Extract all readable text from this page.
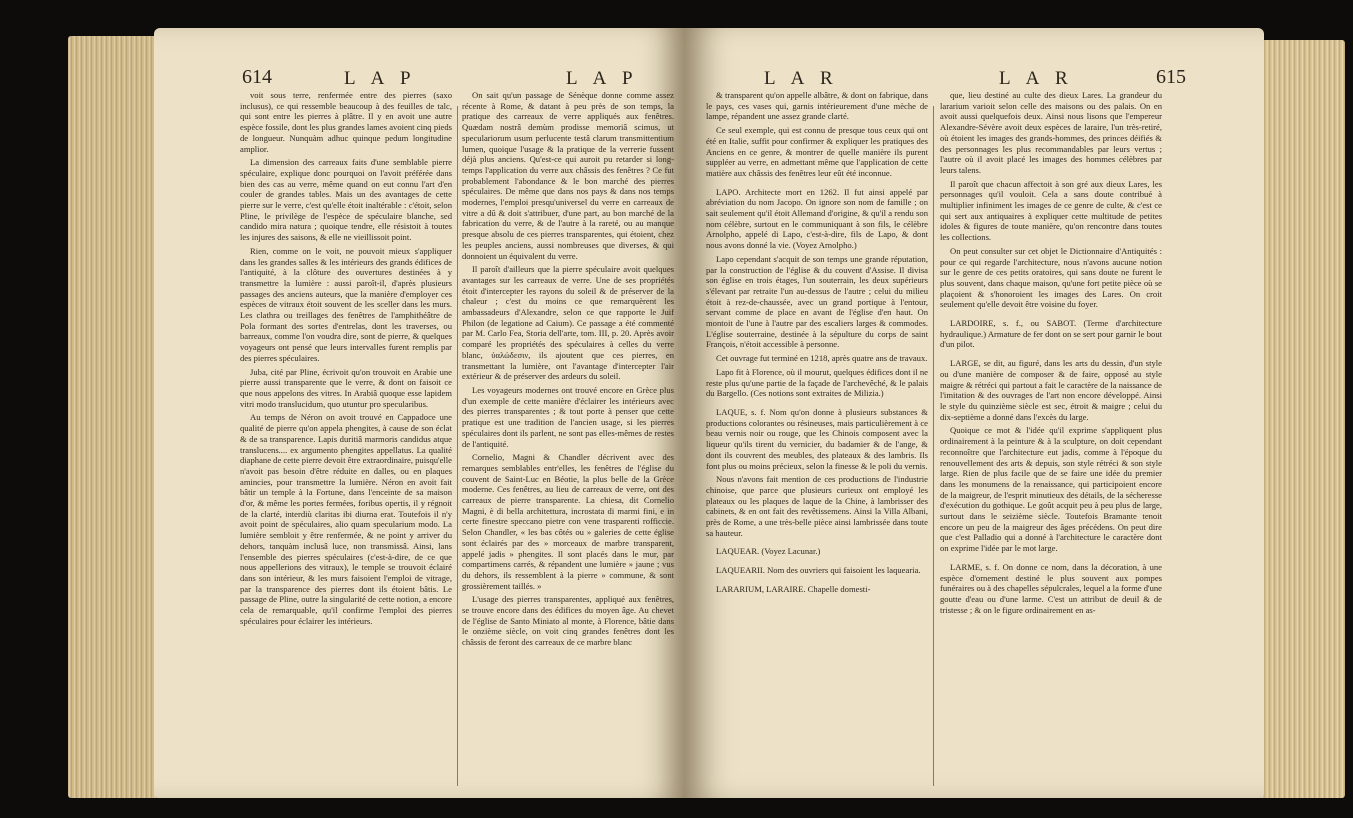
614	L A P	L A P

voit sous terre, renfermée entre des pierres (saxo inclusus), ce qui ressemble beaucoup à des feuilles de talc, qui sont entre les pierres à plâtre. Il y en avoit une autre espèce fossile, dont les plus grandes lames avoient cinq pieds de longueur. Nunquàm adhuc quinque pedum longitudine amplior.

La dimension des carreaux faits d'une semblable pierre spéculaire, explique donc pourquoi on l'avoit préférée dans bien des cas au verre, même quand on eut connu l'art d'en couler de grandes tables. Mais un des avantages de cette pierre sur le verre, c'est qu'elle étoit inaltérable : c'étoit, selon Pline, le privilège de l'espèce de spéculaire blanche, sed candido mira natura ; quoique tendre, elle résistoit à toutes les injures des saisons, & elle ne vieillissoit point.

Rien, comme on le voit, ne pouvoit mieux s'appliquer dans les grandes salles & les intérieurs des grands édifices de l'antiquité, à la clôture des ouvertures destinées à y transmettre la lumière : aussi paroît-il, d'après plusieurs passages des anciens auteurs, que la manière d'employer ces espèces de vitraux étoit souvent de les sceller dans les murs. Les clathra ou treillages des fenêtres de l'amphithéâtre de Pola formant des sortes d'entrelas, dont les traverses, ou barreaux, comme l'on voudra dire, sont de pierre, & quelques voyageurs ont pensé que leurs intervalles furent remplis par des pierres spéculaires.

Juba, cité par Pline, écrivoit qu'on trouvoit en Arabie une pierre aussi transparente que le verre, & dont on faisoit ce que nous appelons des vitres. In Arabiâ quoque esse lapidem vitri modo translucidum, quo utuntur pro specularibus.

Au temps de Néron on avoit trouvé en Cappadoce une qualité de pierre qu'on appela phengites, à cause de son éclat & de sa transparence. Lapis duritiâ marmoris candidus atque translucens.... ex argumento phengites appellatus. La qualité diaphane de cette pierre devoit être extraordinaire, puisqu'elle n'avoit pas besoin d'être réduite en dalles, ou en plaques amincies, pour transmettre la lumière. Néron en avoit fait bâtir un temple à la Fortune, dans l'enceinte de sa maison d'or, & même les portes fermées, foribus opertis, il y régnoit de la clarté, interdiù claritas ibi diurna erat. Toutefois il n'y avoit point de spéculaires, alio quam specularium modo. La lumière sembloit y être renfermée, & ne point y arriver du dehors, tanquàm inclusâ luce, non transmissâ. Ainsi, lans l'ensemble des pierres spéculaires (c'est-à-dire, de ce que nous appellerions des vitraux), le temple se trouvoit éclairé dans son intérieur, & les murs faisoient l'emploi de vitrage, par la transparence des pierres dont ils étoient bâtis. Le passage de Pline, outre la singularité de cette notion, a encore cela de remarquable, qu'il confirme l'emploi des pierres spéculaires pour éclairer les intérieurs.

On sait qu'un passage de Sénèque donne comme assez récente à Rome, & datant à peu près de son temps, la pratique des carreaux de verre appliqués aux fenêtres. Quædam nostrâ demùm prodisse memoriâ scimus, ut speculariorum usum perlucente testâ clarum transmittentium lumen, quoique l'usage & la pratique de la verrerie fussent déjà plus anciens. Qu'est-ce qui auroit pu retarder si long-temps l'application du verre aux châssis des fenêtres ? Ce fut probablement l'abondance & le bon marché des pierres spéculaires. De même que dans nos pays & dans nos temps modernes, l'emploi presqu'universel du verre en carreaux de vitre a dû & doit s'attribuer, d'une part, au bon marché de la fabrication du verre, & de l'autre à la rareté, ou au manque presque absolu de ces pierres transparentes, qui étoient, chez les peuples anciens, aussi nombreuses que diverses, & qui donnoient un équivalent du verre.

Il paroît d'ailleurs que la pierre spéculaire avoit quelques avantages sur les carreaux de verre. Une de ses propriétés étoit d'intercepter les rayons du soleil & de préserver de la chaleur ; c'est du moins ce que remarquèrent les ambassadeurs d'Alexandre, selon ce que rapporte le Juif Philon (de legatione ad Caium). Ce passage a été commenté par M. Carlo Fea, Storia dell'arte, tom. III, p. 20. Après avoir comparé les propriétés des spéculaires à celles du verre blanc, ὑαλώδεσιν, ils ajoutent que ces pierres, en transmettant la lumière, ont l'avantage d'intercepter l'air extérieur & de préserver des ardeurs du soleil.

Les voyageurs modernes ont trouvé encore en Grèce plus d'un exemple de cette manière d'éclairer les intérieurs avec des pierres transparentes ; & tout porte à penser que cette pratique est une tradition de l'ancien usage, si les pierres spéculaires dont ils parlent, ne sont pas elles-mêmes de restes de l'antiquité.

Cornelio, Magni & Chandler décrivent avec des remarques semblables entr'elles, les fenêtres de l'église du couvent de Saint-Luc en Béotie, la plus belle de la Grèce moderne. Ces fenêtres, au lieu de carreaux de verre, ont des carreaux de pierre transparente. La chiesa, dit Cornelio Magni, è di bella architettura, incrostata di marmi fini, e in certe finestre speccano pietre con vene trasparenti rofficcie. Selon Chandler, « les bas côtés ou » galeries de cette église sont éclairés par des » morceaux de marbre transparent, appelé jadis » phengites. Il sont placés dans le mur, par compartimens carrés, & répandent une lumière » jaune ; vus du dehors, ils ressemblent à la pierre » commune, & sont grossièrement taillés. »

L'usage des pierres transparentes, appliqué aux fenêtres, se trouve encore dans des édifices du moyen âge. Au chevet de l'église de Santo Miniato al monte, à Florence, bâtie dans le onzième siècle, on voit cinq grandes fenêtres dont les châssis de feront des carreaux de ce marbre blanc

L A R	L A R	615

& transparent qu'on appelle albâtre, & dont on fabrique, dans le pays, ces vases qui, garnis intérieurement d'une mèche de lampe, répandent une assez grande clarté.

Ce seul exemple, qui est connu de presque tous ceux qui ont été en Italie, suffit pour confirmer & expliquer les pratiques des Anciens en ce genre, & montrer de quelle manière ils purent suppléer au verre, en admettant même que l'application de cette matière aux châssis des fenêtres leur eût été inconnue.

LAPO. Architecte mort en 1262. Il fut ainsi appelé par abréviation du nom Jacopo. On ignore son nom de famille ; on sait seulement qu'il étoit Allemand d'origine, & qu'il a rendu son nom célèbre, surtout en le communiquant à son fils, le célèbre Arnolpho, appelé di Lapo, c'est-à-dire, fils de Lapo, & dont nous avons donné la vie. (Voyez Arnolpho.)

Lapo cependant s'acquit de son temps une grande réputation, par la construction de l'église & du couvent d'Assise. Il divisa son église en trois étages, l'un souterrain, les deux supérieurs s'élevant par retraite l'un au-dessus de l'autre ; celui du milieu étoit à rez-de-chaussée, avec un grand portique à l'entour, servant comme de place en avant de l'église d'en haut. On montoit de l'une à l'autre par des escaliers larges & commodes. L'église souterraine, destinée à la sépulture du corps de saint François, n'étoit accessible à personne.

Cet ouvrage fut terminé en 1218, après quatre ans de travaux.

Lapo fit à Florence, où il mourut, quelques édifices dont il ne reste plus qu'une partie de la façade de l'archevêché, & le palais du Bargello. (Ces notions sont extraites de Milizia.)

LAQUE, s. f. Nom qu'on donne à plusieurs substances & productions colorantes ou résineuses, mais particulièrement à ce beau vernis noir ou rouge, que les Chinois composent avec la liqueur qu'ils tirent du vernicier, du badamier & de l'ange, & dont ils couvrent des meubles, des plateaux & des lambris. Ils font plus ou moins précieux, selon la finesse & le poli du vernis.

Nous n'avons fait mention de ces productions de l'industrie chinoise, que parce que plusieurs curieux ont employé les plateaux ou les plaques de laque de la Chine, à lambrisser des cabinets, & en ont fait des revêtissemens. Ainsi la Villa Albani, près de Rome, a une très-belle pièce ainsi lambrissée dans toute sa hauteur.

LAQUEAR. (Voyez Lacunar.)

LAQUEARII. Nom des ouvriers qui faisoient les laquearia.

LARARIUM, LARAIRE. Chapelle domesti-

que, lieu destiné au culte des dieux Lares. La grandeur du lararium varioit selon celle des maisons ou des palais. On en avoit aussi quelquefois deux. Ainsi nous lisons que l'empereur Alexandre-Sévère avoit deux espèces de laraire, l'un très-retiré, où étoient les images des grands-hommes, des princes déifiés & des personnages les plus recommandables par leurs vertus ; l'autre où il avoit placé les images des hommes célèbres par leurs talens.

Il paroît que chacun affectoit à son gré aux dieux Lares, les personnages qu'il vouloit. Cela a sans doute contribué à multiplier infiniment les images de ce genre de culte, & c'est ce qui sert aux antiquaires à expliquer cette multitude de petites idoles & figures de toute manière, qu'on rencontre dans toutes les collections.

On peut consulter sur cet objet le Dictionnaire d'Antiquités : pour ce qui regarde l'architecture, nous n'avons aucune notion sur le genre de ces petits oratoires, qui sans doute ne furent le plus souvent, dans chaque maison, qu'une fort petite pièce où se plaçoient & s'honoroient les images des Lares. On croit seulement qu'elle devoit être voisine du foyer.

LARDOIRE, s. f., ou SABOT. (Terme d'architecture hydraulique.) Armature de fer dont on se sert pour garnir le bout d'un pilot.

LARGE, se dit, au figuré, dans les arts du dessin, d'un style ou d'une manière de composer & de faire, opposé au style maigre & rétréci qui partout a fait le caractère de la naissance de l'imitation & des ouvrages de l'art non encore développé. Ainsi le style du quinzième siècle est sec, étroit & maigre ; celui du dix-septième a donné dans l'excès du large.

Quoique ce mot & l'idée qu'il exprime s'appliquent plus ordinairement à la peinture & à la sculpture, on doit cependant reconnoître que l'architecture eut jadis, comme à l'époque du renouvellement des arts & depuis, son style rétréci & son style large. Rien de plus facile que de se faire une idée du premier dans les monumens de la renaissance, qui participoient encore de la maigreur, de l'esprit minutieux des détails, de la sécheresse d'exécution du gothique. Le goût acquit peu à peu plus de large, surtout dans le seizième siècle. Toutefois Bramante tenoit encore un peu de la maigreur des âges précédens. On peut dire que c'est Palladio qui a donné à l'architecture le caractère dont on exprime l'idée par le mot large.

LARME, s. f. On donne ce nom, dans la décoration, à une espèce d'ornement destiné le plus souvent aux pompes funéraires ou à des chapelles sépulcrales, lequel a la forme d'une goutte d'eau ou d'une larme. C'est un attribut de deuil & de tristesse ; & on le figure ordinairement en as-
